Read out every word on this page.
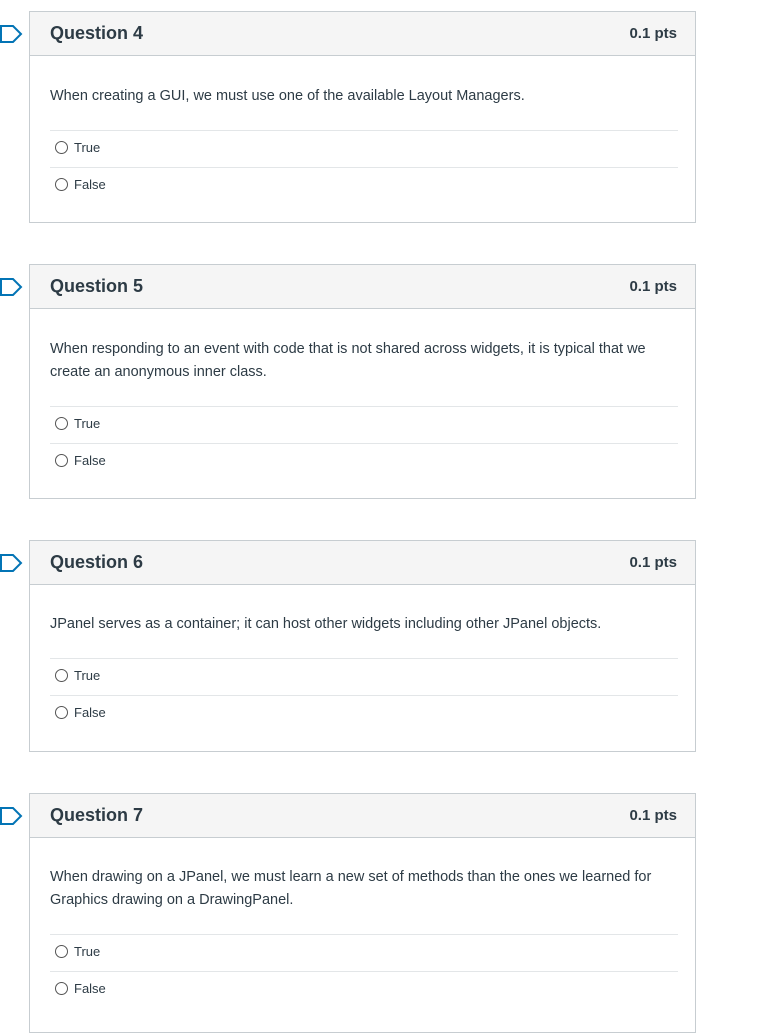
Question 4	0.1 pts
When creating a GUI, we must use one of the available Layout Managers.
True
False
Question 5	0.1 pts
When responding to an event with code that is not shared across widgets, it is typical that we create an anonymous inner class.
True
False
Question 6	0.1 pts
JPanel serves as a container; it can host other widgets including other JPanel objects.
True
False
Question 7	0.1 pts
When drawing on a JPanel, we must learn a new set of methods than the ones we learned for Graphics drawing on a DrawingPanel.
True
False
